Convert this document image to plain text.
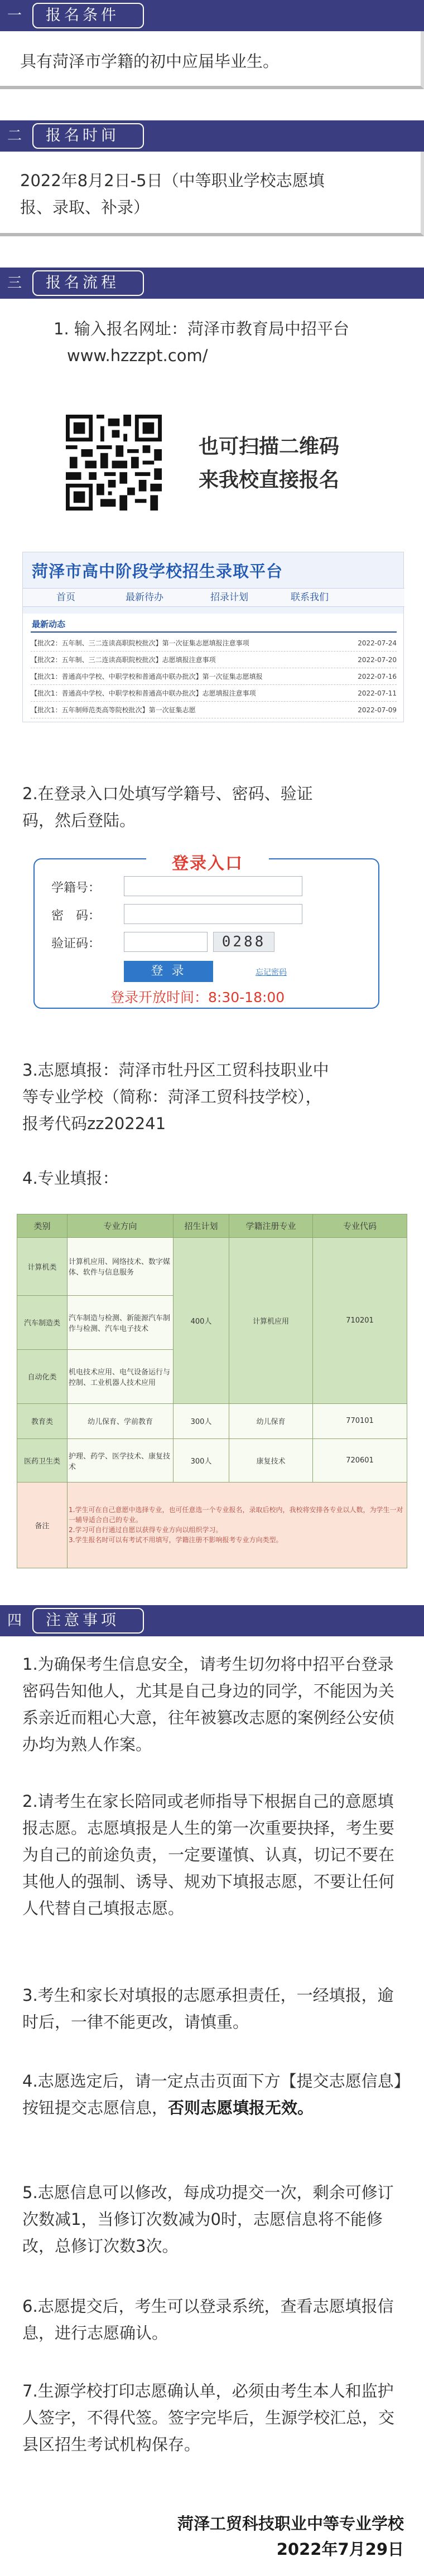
一	报名条件
具有菏泽市学籍的初中应届毕业生。
二	报名时间
2022年8月2日-5日（中等职业学校志愿填
报、录取、补录）
三	报名流程
1. 输入报名网址：菏泽市教育局中招平台
www.hzzzpt.com/
也可扫描二维码
来我校直接报名
菏泽市高中阶段学校招生录取平台
首页	最新待办	招录计划	联系我们
最新动态
【批次2：五年制、三二连读高职院校批次】第一次征集志愿填报注意事项	2022-07-24
【批次2：五年制、三二连读高职院校批次】志愿填报注意事项	2022-07-20
【批次1：普通高中学校、中职学校和普通高中联办批次】第一次征集志愿填报	2022-07-16
【批次1：普通高中学校、中职学校和普通高中联办批次】志愿填报注意事项	2022-07-11
【批次1：五年制师范类高等院校批次】第一次征集志愿	2022-07-09
2.在登录入口处填写学籍号、密码、验证
码，然后登陆。
登录入口
学籍号：
密　码：
验证码：	0288
登 录	忘记密码
登录开放时间：8:30-18:00
3.志愿填报：菏泽市牡丹区工贸科技职业中
等专业学校（简称：菏泽工贸科技学校），
报考代码zz202241
4.专业填报：
类别	专业方向	招生计划	学籍注册专业	专业代码
计算机类	计算机应用、网络技术、数字媒体、软件与信息服务	400人	计算机应用	710201
汽车制造类	汽车制造与检测、新能源汽车制作与检测、汽车电子技术			
自动化类	机电技术应用、电气设备运行与控制、工业机器人技术应用			
教育类	幼儿保育、学前教育	300人	幼儿保育	770101
医药卫生类	护理、药学、医学技术、康复技术	300人	康复技术	720601
备注	1.学生可在自己意愿中选择专业，也可任意选一个专业报名，录取后校内，我校将安排各专业以人数，为学生一对一辅导适合自己的专业。
2.学习可自行通过自愿以获得专业方向以组织学习。
3.学生报名时可以有考试不用填写，学籍注册不影响报考专业方向类型。			
四	注意事项
1.为确保考生信息安全，请考生切勿将中招平台登录密码告知他人，尤其是自己身边的同学，不能因为关系亲近而粗心大意，往年被篡改志愿的案例经公安侦办均为熟人作案。
2.请考生在家长陪同或老师指导下根据自己的意愿填报志愿。志愿填报是人生的第一次重要抉择，考生要为自己的前途负责，一定要谨慎、认真，切记不要在其他人的强制、诱导、规劝下填报志愿，不要让任何人代替自己填报志愿。
3.考生和家长对填报的志愿承担责任，一经填报，逾时后，一律不能更改，请慎重。
4.志愿选定后，请一定点击页面下方【提交志愿信息】按钮提交志愿信息，否则志愿填报无效。
5.志愿信息可以修改，每成功提交一次，剩余可修订次数减1，当修订次数减为0时，志愿信息将不能修改，总修订次数3次。
6.志愿提交后，考生可以登录系统，查看志愿填报信息，进行志愿确认。
7.生源学校打印志愿确认单，必须由考生本人和监护人签字，不得代签。签字完毕后，生源学校汇总，交县区招生考试机构保存。
菏泽工贸科技职业中等专业学校
2022年7月29日
